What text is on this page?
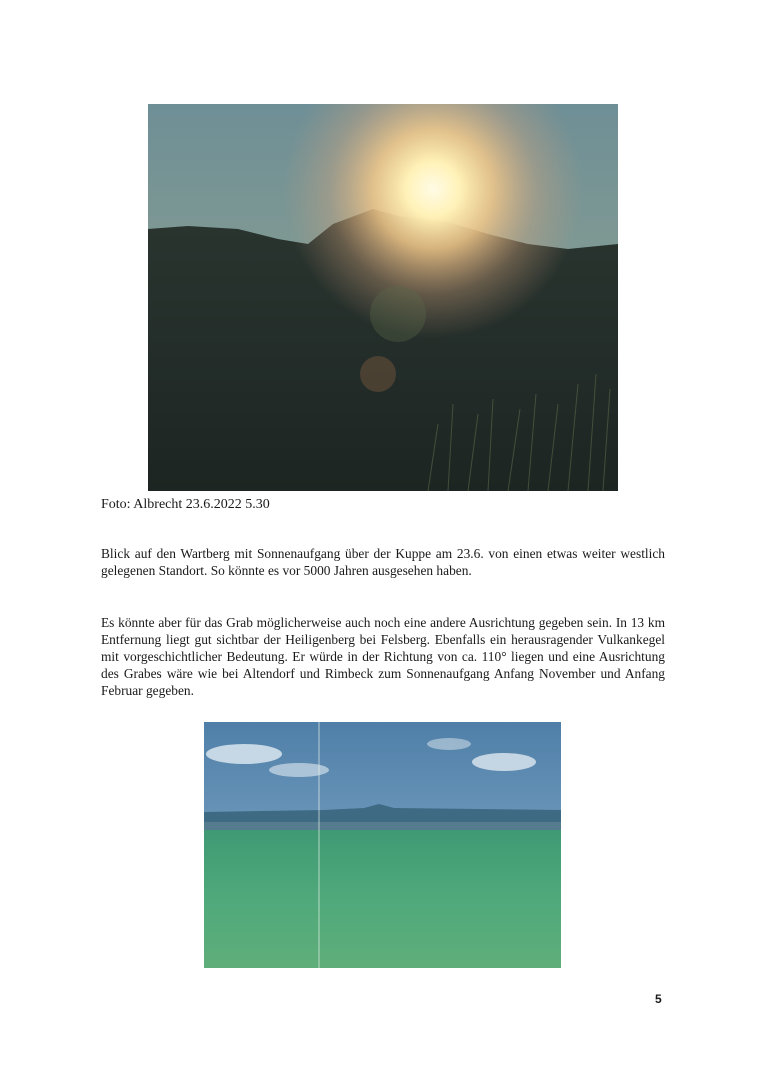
Foto: Albrecht 23.6.2022 5.30

Blick auf den Wartberg mit Sonnenaufgang über der Kuppe am 23.6. von einen etwas weiter westlich gelegenen Standort. So könnte es vor 5000 Jahren ausgesehen haben.

Es könnte aber für das Grab möglicherweise auch noch eine andere Ausrichtung gegeben sein. In 13 km Entfernung liegt gut sichtbar der Heiligenberg bei Felsberg. Ebenfalls ein herausragender Vulkankegel mit vorgeschichtlicher Bedeutung. Er würde in der Richtung von ca. 110° liegen und eine Ausrichtung des Grabes wäre wie bei Altendorf und Rimbeck zum Sonnenaufgang Anfang November und Anfang Februar gegeben.

5
